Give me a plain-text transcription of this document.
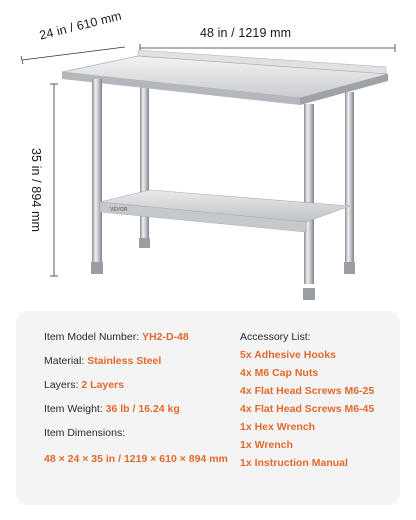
VEVOR
48 in / 1219 mm
24 in / 610 mm
35 in / 894 mm
Item Model Number: YH2-D-48
Material: Stainless Steel
Layers: 2 Layers
Item Weight: 36 lb / 16.24 kg
Item Dimensions:
48 × 24 × 35 in / 1219 × 610 × 894 mm
Accessory List:
5x Adhesive Hooks
4x M6 Cap Nuts
4x Flat Head Screws M6-25
4x Flat Head Screws M6-45
1x Hex Wrench
1x Wrench
1x Instruction Manual
